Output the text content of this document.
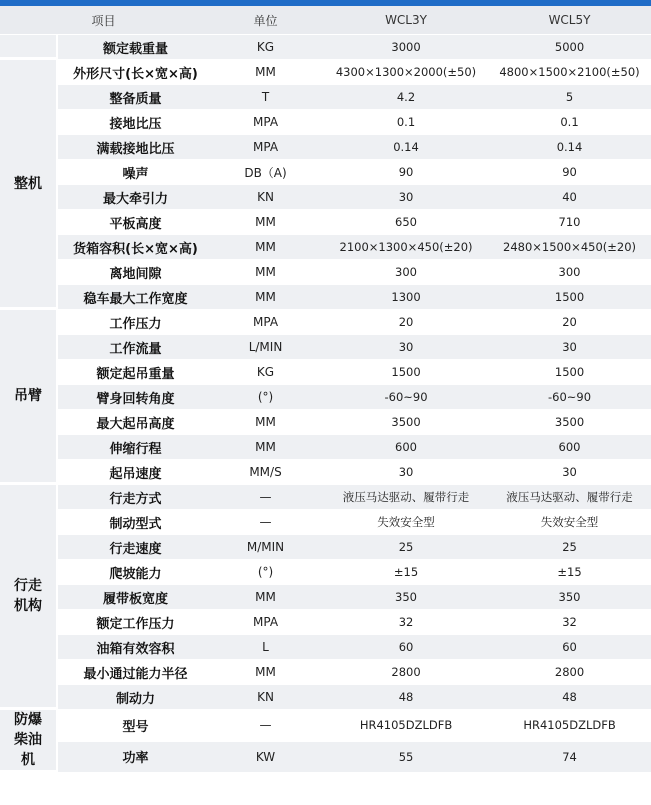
项目		单位	WCL3Y	WCL5Y
	额定载重量	KG	3000	5000
整机	外形尺寸(长×宽×高)	MM	4300×1300×2000(±50)	4800×1500×2100(±50)
	整备质量	T	4.2	5
	接地比压	MPA	0.1	0.1
	满载接地比压	MPA	0.14	0.14
	噪声	DB（A)	90	90
	最大牵引力	KN	30	40
	平板高度	MM	650	710
	货箱容积(长×宽×高)	MM	2100×1300×450(±20)	2480×1500×450(±20)
	离地间隙	MM	300	300
	稳车最大工作宽度	MM	1300	1500
吊臂	工作压力	MPA	20	20
	工作流量	L/MIN	30	30
	额定起吊重量	KG	1500	1500
	臂身回转角度	(°)	-60~90	-60~90
	最大起吊高度	MM	3500	3500
	伸缩行程	MM	600	600
	起吊速度	MM/S	30	30
行走机构	行走方式	—	液压马达驱动、履带行走	液压马达驱动、履带行走
	制动型式	—	失效安全型	失效安全型
	行走速度	M/MIN	25	25
	爬坡能力	(°)	±15	±15
	履带板宽度	MM	350	350
	额定工作压力	MPA	32	32
	油箱有效容积	L	60	60
	最小通过能力半径	MM	2800	2800
	制动力	KN	48	48
防爆柴油机	型号	—	HR4105DZLDFB	HR4105DZLDFB
	功率	KW	55	74
